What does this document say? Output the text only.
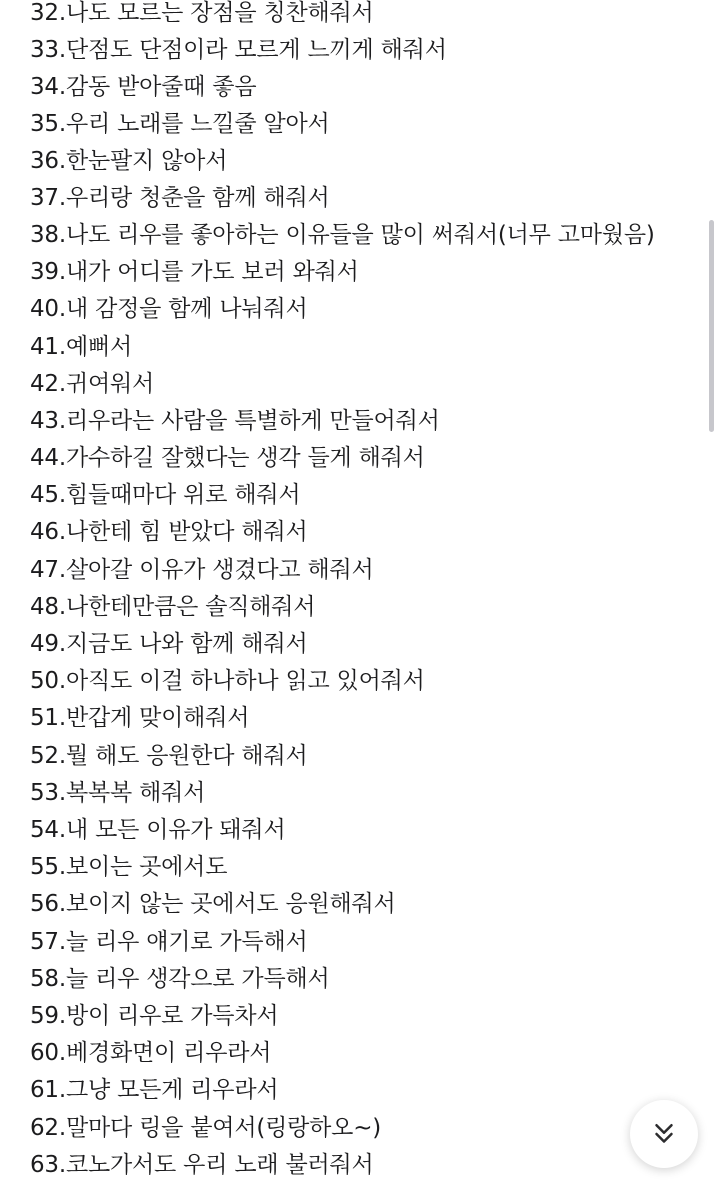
32.나도 모르는 장점을 칭찬해줘서
33.단점도 단점이라 모르게 느끼게 해줘서
34.감동 받아줄때 좋음
35.우리 노래를 느낄줄 알아서
36.한눈팔지 않아서
37.우리랑 청춘을 함께 해줘서
38.나도 리우를 좋아하는 이유들을 많이 써줘서(너무 고마웠음)
39.내가 어디를 가도 보러 와줘서
40.내 감정을 함께 나눠줘서
41.예뻐서
42.귀여워서
43.리우라는 사람을 특별하게 만들어줘서
44.가수하길 잘했다는 생각 들게 해줘서
45.힘들때마다 위로 해줘서
46.나한테 힘 받았다 해줘서
47.살아갈 이유가 생겼다고 해줘서
48.나한테만큼은 솔직해줘서
49.지금도 나와 함께 해줘서
50.아직도 이걸 하나하나 읽고 있어줘서
51.반갑게 맞이해줘서
52.뭘 해도 응원한다 해줘서
53.복복복 해줘서
54.내 모든 이유가 돼줘서
55.보이는 곳에서도
56.보이지 않는 곳에서도 응원해줘서
57.늘 리우 얘기로 가득해서
58.늘 리우 생각으로 가득해서
59.방이 리우로 가득차서
60.베경화면이 리우라서
61.그냥 모든게 리우라서
62.말마다 링을 붙여서(링랑하오~)
63.코노가서도 우리 노래 불러줘서
